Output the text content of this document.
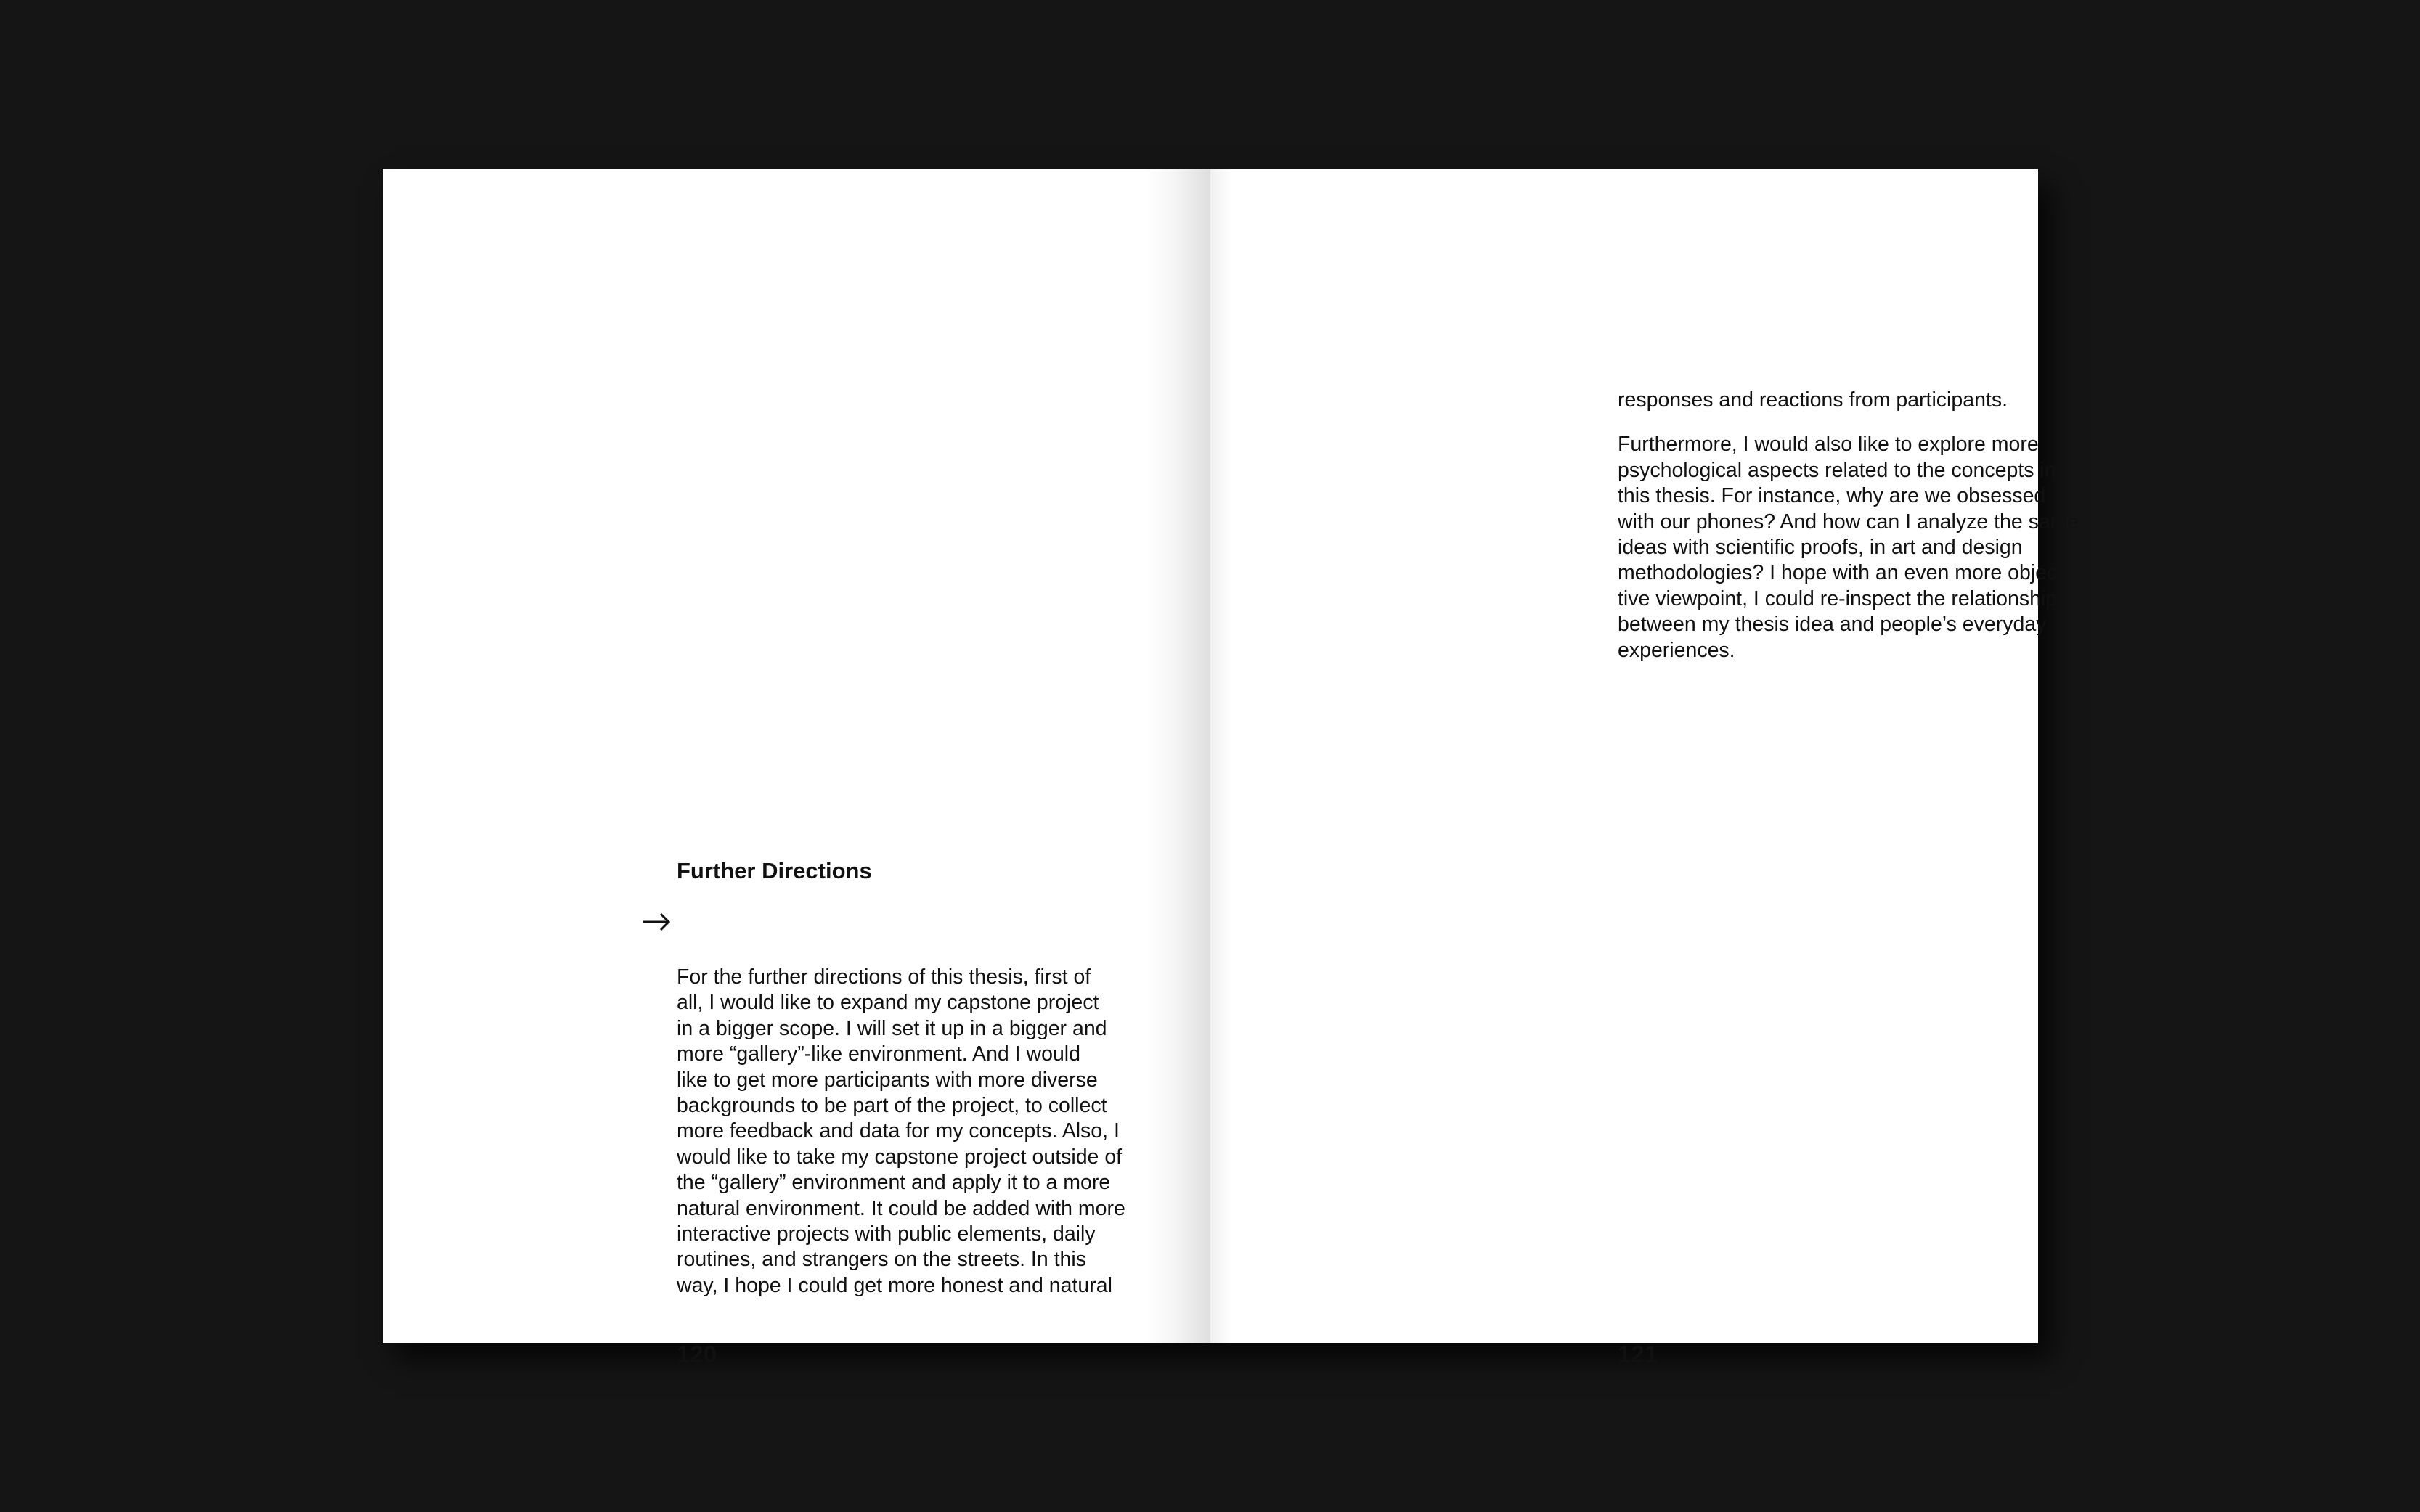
Further Directions

For the further directions of this thesis, first of
all, I would like to expand my capstone project
in a bigger scope. I will set it up in a bigger and
more “gallery”-like environment. And I would
like to get more participants with more diverse
backgrounds to be part of the project, to collect
more feedback and data for my concepts. Also, I
would like to take my capstone project outside of
the “gallery” environment and apply it to a more
natural environment. It could be added with more
interactive projects with public elements, daily
routines, and strangers on the streets. In this
way, I hope I could get more honest and natural

120
responses and reactions from participants.
Furthermore, I would also like to explore more
psychological aspects related to the concepts in
this thesis. For instance, why are we obsessed
with our phones? And how can I analyze the same
ideas with scientific proofs, in art and design
methodologies? I hope with an even more objec-
tive viewpoint, I could re-inspect the relationship
between my thesis idea and people’s everyday
experiences.
121
